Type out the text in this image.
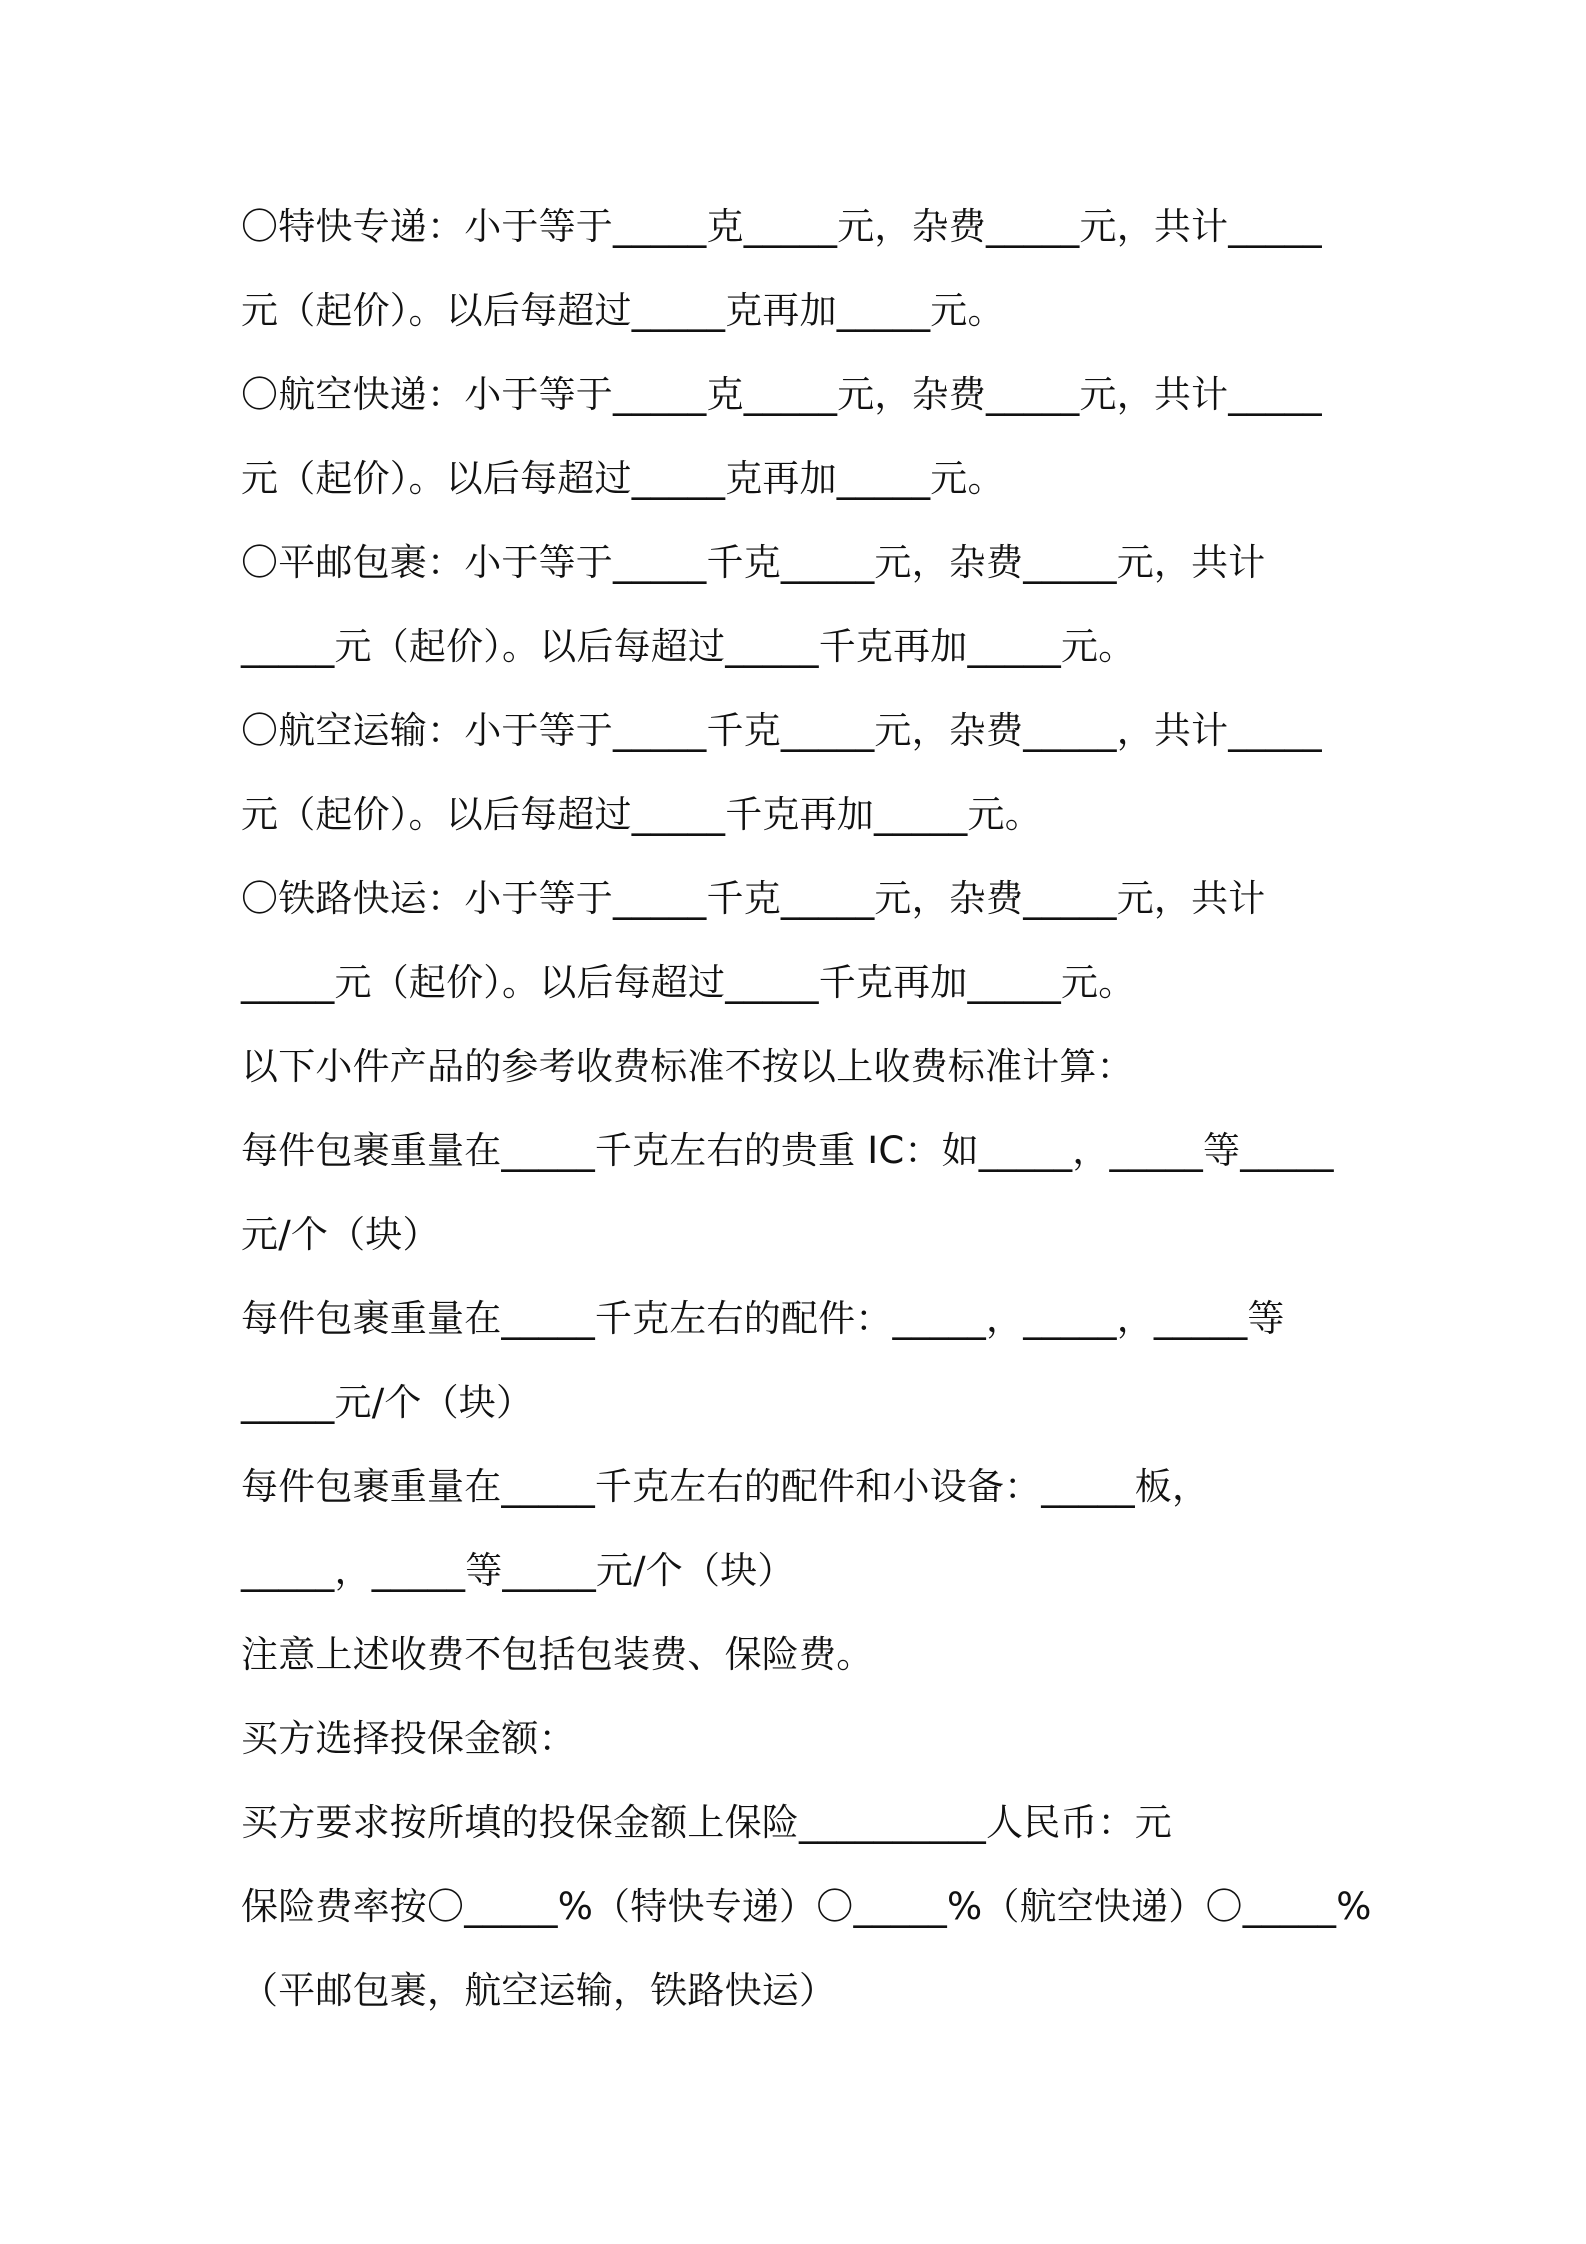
〇特快专递：小于等于_____克_____元，杂费_____元，共计_____
元（起价）。以后每超过_____克再加_____元。
〇航空快递：小于等于_____克_____元，杂费_____元，共计_____
元（起价）。以后每超过_____克再加_____元。
〇平邮包裹：小于等于_____千克_____元，杂费_____元，共计
_____元（起价）。以后每超过_____千克再加_____元。
〇航空运输：小于等于_____千克_____元，杂费_____，共计_____
元（起价）。以后每超过_____千克再加_____元。
〇铁路快运：小于等于_____千克_____元，杂费_____元，共计
_____元（起价）。以后每超过_____千克再加_____元。
以下小件产品的参考收费标准不按以上收费标准计算：
每件包裹重量在_____千克左右的贵重 IC：如_____，_____等_____
元/个（块）
每件包裹重量在_____千克左右的配件：_____，_____，_____等
_____元/个（块）
每件包裹重量在_____千克左右的配件和小设备：_____板，
_____，_____等_____元/个（块）
注意上述收费不包括包装费、保险费。
买方选择投保金额：
买方要求按所填的投保金额上保险__________人民币：元
保险费率按〇_____%（特快专递）〇_____%（航空快递）〇_____%
（平邮包裹，航空运输，铁路快运）
